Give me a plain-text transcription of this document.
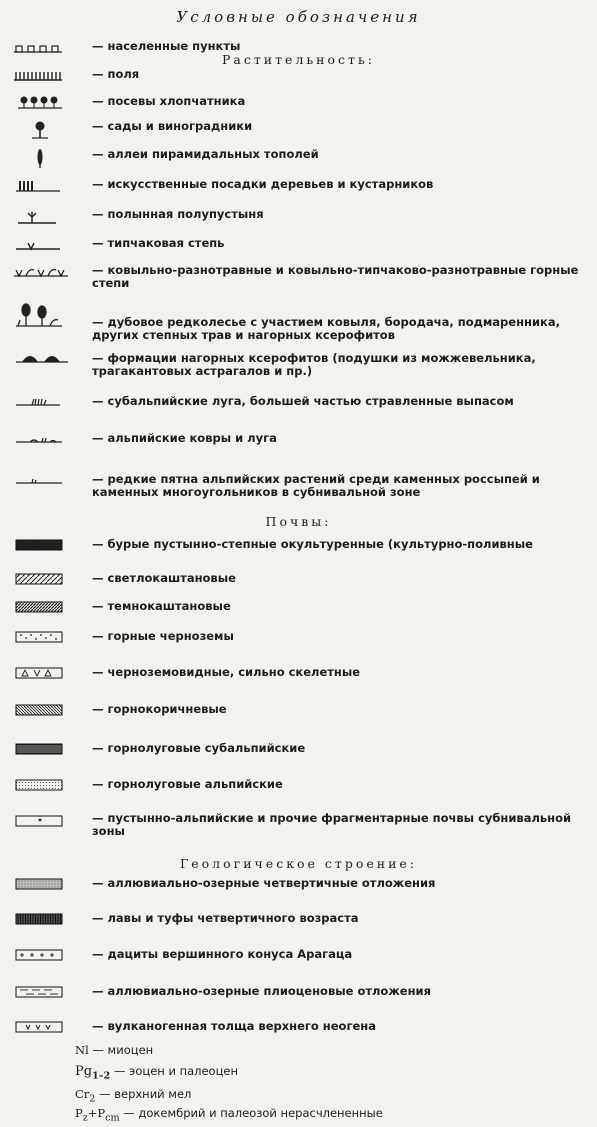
Условные обозначения
— населенные пункты
Растительность:
— поля
— посевы хлопчатника
— сады и виноградники
— аллеи пирамидальных тополей
— искусственные посадки деревьев и кустарников
— полынная полупустыня
— типчаковая степь
— ковыльно-разнотравные и ковыльно-типчаково-разнотравные горные степи
— дубовое редколесье с участием ковыля, бородача, подмаренника, других степных трав и нагорных ксерофитов
— формации нагорных ксерофитов (подушки из можжевельника, трагакантовых астрагалов и пр.)
— субальпийские луга, большей частью стравленные выпасом
— альпийские ковры и луга
— редкие пятна альпийских растений среди каменных россыпей и каменных многоугольников в субнивальной зоне
Почвы:
— бурые пустынно-степные окультуренные (культурно-поливные
— светлокаштановые
— темнокаштановые
— горные черноземы
— черноземовидные, сильно скелетные
— горнокоричневые
— горнолуговые субальпийские
— горнолуговые альпийские
— пустынно-альпийские и прочие фрагментарные почвы субнивальной зоны
Геологическое строение:
— аллювиально-озерные четвертичные отложения
— лавы и туфы четвертичного возраста
— дациты вершинного конуса Арагаца
— аллювиально-озерные плиоценовые отложения
— вулканогенная толща верхнего неогена
Nl — миоцен
$Pg_{1-2}$ — эоцен и палеоцен
$Cr_2$ — верхний мел
$P_z+P_{cm}$ — докембрий и палеозой нерасчлененные
